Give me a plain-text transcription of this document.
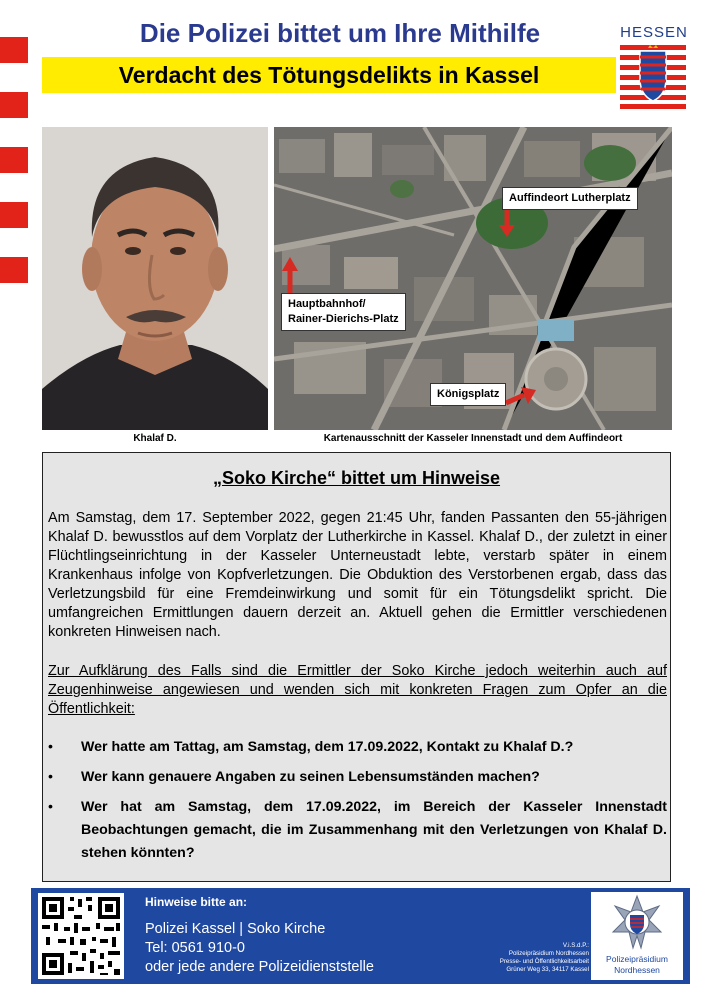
Die Polizei bittet um Ihre Mithilfe
Verdacht des Tötungsdelikts in Kassel
HESSEN
Auffindeort Lutherplatz
Hauptbahnhof/
Rainer-Dierichs-Platz
Königsplatz
Khalaf D.	Kartenausschnitt der Kasseler Innenstadt und dem Auffindeort
„Soko Kirche“ bittet um Hinweise

Am Samstag, dem 17. September 2022, gegen 21:45 Uhr, fanden Passanten den 55-jährigen Khalaf D. bewusstlos auf dem Vorplatz der Lutherkirche in Kassel. Khalaf D., der zuletzt in einer Flüchtlingseinrichtung in der Kasseler Unterneustadt lebte, verstarb später in einem Krankenhaus infolge von Kopfverletzungen. Die Obduktion des Verstorbenen ergab, dass das Verletzungsbild für eine Fremdeinwirkung und somit für ein Tötungsdelikt spricht. Die umfangreichen Ermittlungen dauern derzeit an. Aktuell gehen die Ermittler verschiedenen konkreten Hinweisen nach.

Zur Aufklärung des Falls sind die Ermittler der Soko Kirche jedoch weiterhin auch auf Zeugenhinweise angewiesen und wenden sich mit konkreten Fragen zum Opfer an die Öffentlichkeit:

• Wer hatte am Tattag, am Samstag, dem 17.09.2022, Kontakt zu Khalaf D.?
• Wer kann genauere Angaben zu seinen Lebensumständen machen?
• Wer hat am Samstag, dem 17.09.2022, im Bereich der Kasseler Innenstadt Beobachtungen gemacht, die im Zusammenhang mit den Verletzungen von Khalaf D. stehen könnten?
Hinweise bitte an:
Polizei Kassel | Soko Kirche
Tel: 0561 910-0
oder jede andere Polizeidienststelle
V.i.S.d.P.:
Polizeipräsidium Nordhessen
Presse- und Öffentlichkeitsarbeit
Grüner Weg 33, 34117 Kassel
Polizeipräsidium
Nordhessen
